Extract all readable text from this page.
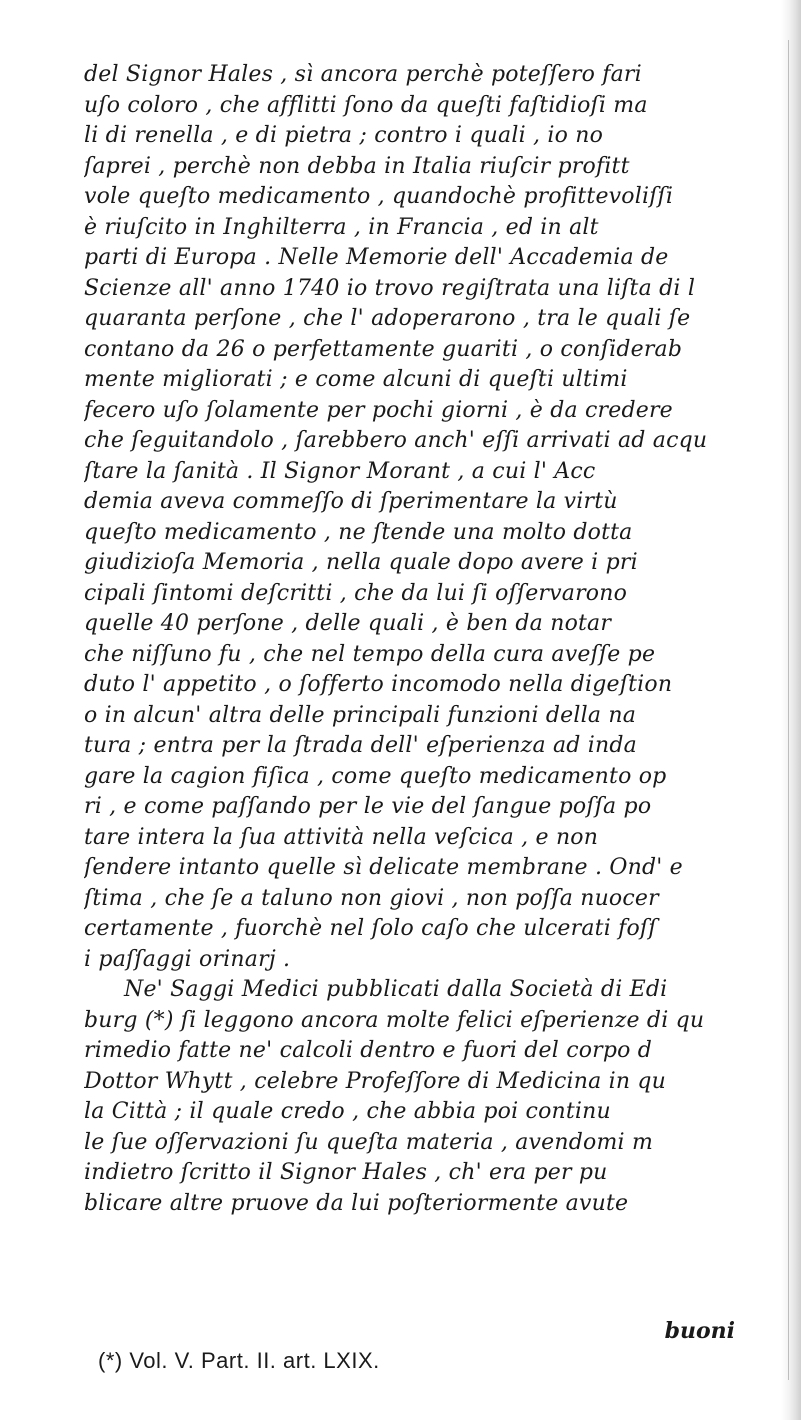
del Signor Hales , sì ancora perchè poteſſero fari
uſo coloro , che afflitti ſono da queſti faſtidioſi ma
li di renella , e di pietra ; contro i quali , io no
ſaprei , perchè non debba in Italia riuſcir profitt
vole queſto medicamento , quandochè profittevoliſſi
è riuſcito in Inghilterra , in Francia , ed in alt
parti di Europa . Nelle Memorie dell' Accademia de
Scienze all' anno 1740 io trovo regiſtrata una liſta di l
quaranta perſone , che l' adoperarono , tra le quali ſe
contano da 26 o perfettamente guariti , o conſiderab
mente migliorati ; e come alcuni di queſti ultimi
fecero uſo ſolamente per pochi giorni , è da credere
che ſeguitandolo , ſarebbero anch' eſſi arrivati ad acqu
ſtare la ſanità . Il Signor Morant , a cui l' Acc
demia aveva commeſſo di ſperimentare la virtù
queſto medicamento , ne ſtende una molto dotta
giudizioſa Memoria , nella quale dopo avere i pri
cipali ſintomi deſcritti , che da lui ſi oſſervarono
quelle 40 perſone , delle quali , è ben da notar
che niſſuno fu , che nel tempo della cura aveſſe pe
duto l' appetito , o ſofferto incomodo nella digeſtion
o in alcun' altra delle principali funzioni della na
tura ; entra per la ſtrada dell' eſperienza ad inda
gare la cagion fiſica , come queſto medicamento op
ri , e come paſſando per le vie del ſangue poſſa po
tare intera la ſua attività nella veſcica , e non
ſendere intanto quelle sì delicate membrane . Ond' e
ſtima , che ſe a taluno non giovi , non poſſa nuocer
certamente , fuorchè nel ſolo caſo che ulcerati foſſ
i paſſaggi orinarj .
Ne' Saggi Medici pubblicati dalla Società di Edi
burg (*) ſi leggono ancora molte felici eſperienze di qu
rimedio fatte ne' calcoli dentro e fuori del corpo d
Dottor Whytt , celebre Profeſſore di Medicina in qu
la Città ; il quale credo , che abbia poi continu
le ſue oſſervazioni ſu queſta materia , avendomi m
indietro ſcritto il Signor Hales , ch' era per pu
blicare altre pruove da lui poſteriormente avute
buoni
(*) Vol. V. Part. II. art. LXIX.
